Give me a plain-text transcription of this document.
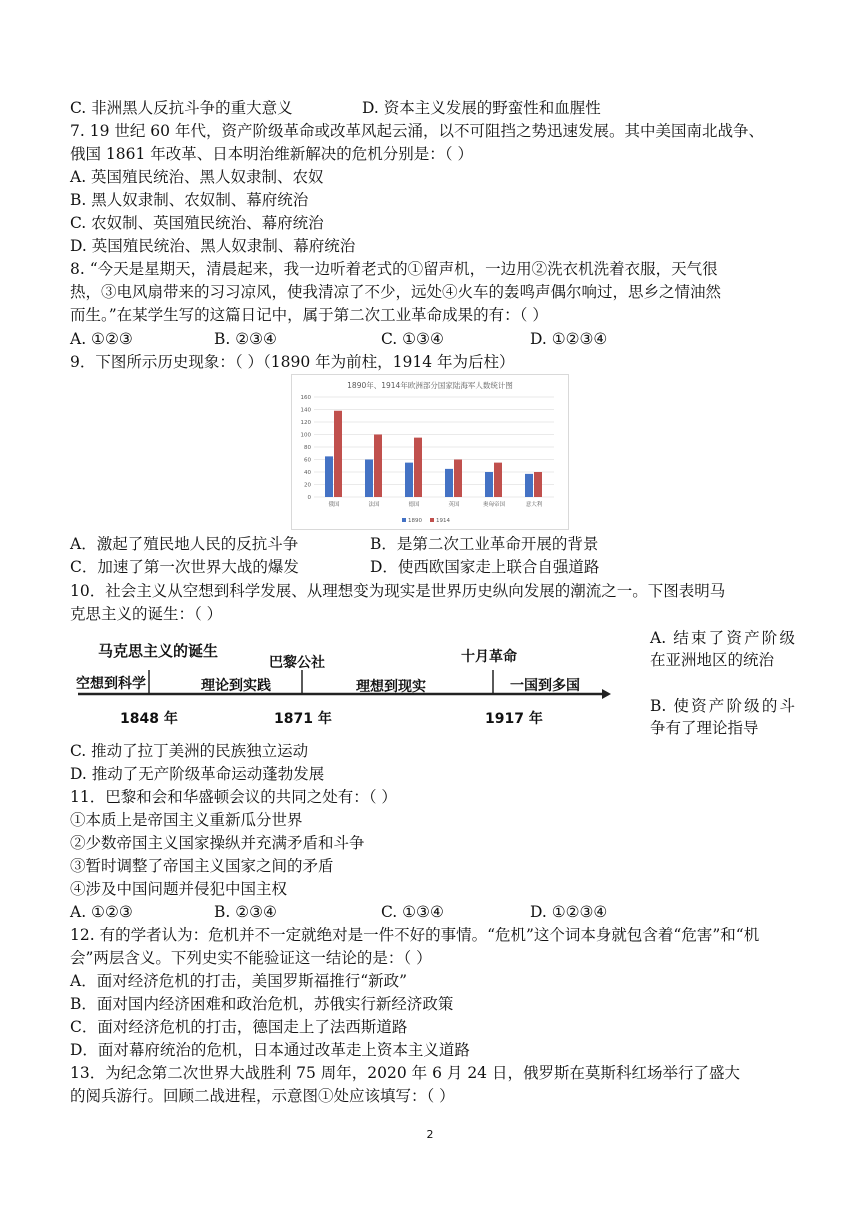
C. 非洲黑人反抗斗争的重大意义	D. 资本主义发展的野蛮性和血腥性
7. 19 世纪 60 年代，资产阶级革命或改革风起云涌，以不可阻挡之势迅速发展。其中美国南北战争、
俄国 1861 年改革、日本明治维新解决的危机分别是：（ ）
A. 英国殖民统治、黑人奴隶制、农奴
B. 黑人奴隶制、农奴制、幕府统治
C. 农奴制、英国殖民统治、幕府统治
D. 英国殖民统治、黑人奴隶制、幕府统治
8. “今天是星期天，清晨起来，我一边听着老式的①留声机，一边用②洗衣机洗着衣服，天气很
热，③电风扇带来的习习凉风，使我清凉了不少，远处④火车的轰鸣声偶尔响过，思乡之情油然
而生。”在某学生写的这篇日记中，属于第二次工业革命成果的有：（ ）
A. ①②③	B. ②③④	C. ①③④	D. ①②③④
9．下图所示历史现象：（ ）（1890 年为前柱，1914 年为后柱）
1890年、1914年欧洲部分国家陆海军人数统计图
0
20
40
60
80
100
120
140
160
俄国	法国	德国	英国	奥匈帝国	意大利
1890	1914
A．激起了殖民地人民的反抗斗争	B．是第二次工业革命开展的背景
C．加速了第一次世界大战的爆发	D．使西欧国家走上联合自强道路
10．社会主义从空想到科学发展、从理想变为现实是世界历史纵向发展的潮流之一。下图表明马
克思主义的诞生：（ ）
马克思主义的诞生
巴黎公社	十月革命
空想到科学	理论到实践	理想到现实	一国到多国
1848 年	1871 年	1917 年
A. 结束了资产阶级在亚洲地区的统治
B. 使资产阶级的斗争有了理论指导
C. 推动了拉丁美洲的民族独立运动
D. 推动了无产阶级革命运动蓬勃发展
11．巴黎和会和华盛顿会议的共同之处有：（ ）
①本质上是帝国主义重新瓜分世界
②少数帝国主义国家操纵并充满矛盾和斗争
③暂时调整了帝国主义国家之间的矛盾
④涉及中国问题并侵犯中国主权
A. ①②③	B. ②③④	C. ①③④	D. ①②③④
12. 有的学者认为：危机并不一定就绝对是一件不好的事情。“危机”这个词本身就包含着“危害”和“机
会”两层含义。下列史实不能验证这一结论的是：（ ）
A．面对经济危机的打击，美国罗斯福推行“新政”
B．面对国内经济困难和政治危机，苏俄实行新经济政策
C．面对经济危机的打击，德国走上了法西斯道路
D．面对幕府统治的危机，日本通过改革走上资本主义道路
13．为纪念第二次世界大战胜利 75 周年，2020 年 6 月 24 日，俄罗斯在莫斯科红场举行了盛大
的阅兵游行。回顾二战进程，示意图①处应该填写：（ ）
2
